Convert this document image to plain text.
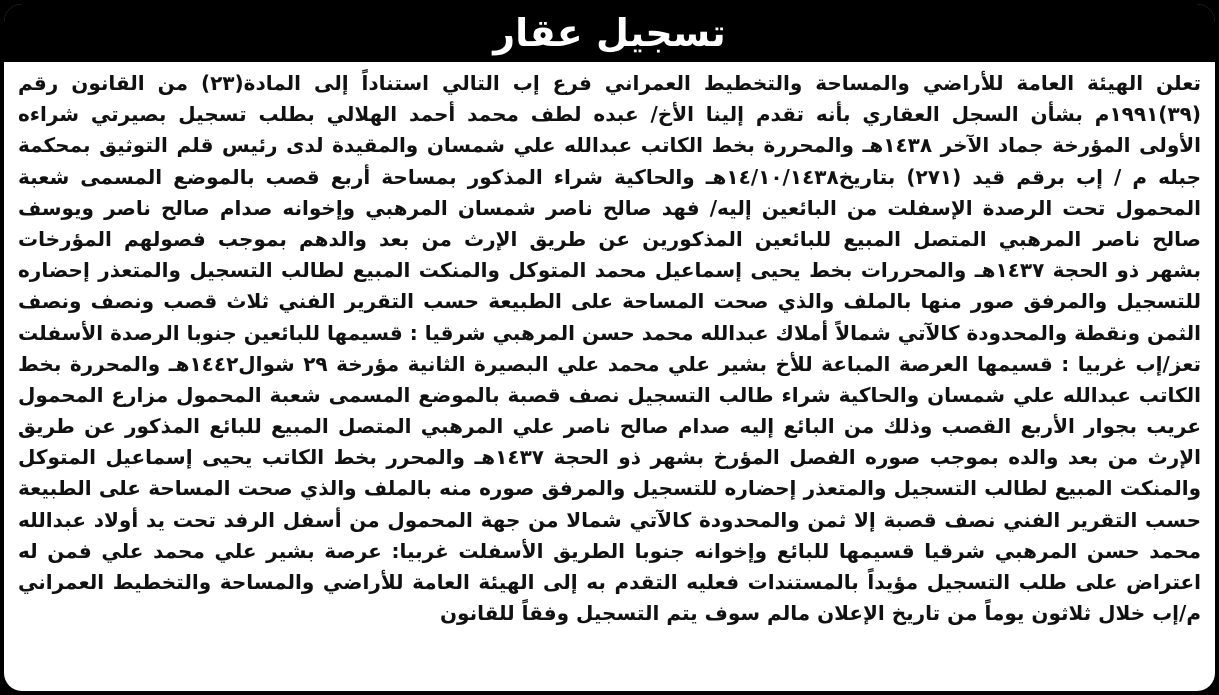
تسجيل عقار
تعلن الهيئة العامة للأراضي والمساحة والتخطيط العمراني فرع إب التالي استناداً إلى المادة(٢٣) من القانون رقم
(٣٩)١٩٩١م بشأن السجل العقاري بأنه تقدم إلينا الأخ/ عبده لطف محمد أحمد الهلالي بطلب تسجيل بصيرتي شراءه
الأولى المؤرخة جماد الآخر ١٤٣٨هـ والمحررة بخط الكاتب عبدالله علي شمسان والمقيدة لدى رئيس قلم التوثيق بمحكمة
جبله م / إب برقم قيد (٢٧١) بتاريخ١٤/١٠/١٤٣٨هـ والحاكية شراء المذكور بمساحة أربع قصب بالموضع المسمى شعبة
المحمول تحت الرصدة الإسفلت من البائعين إليه/ فهد صالح ناصر شمسان المرهبي وإخوانه صدام صالح ناصر ويوسف
صالح ناصر المرهبي المتصل المبيع للبائعين المذكورين عن طريق الإرث من بعد والدهم بموجب فصولهم المؤرخات
بشهر ذو الحجة ١٤٣٧هـ والمحررات بخط يحيى إسماعيل محمد المتوكل والمنكت المبيع لطالب التسجيل والمتعذر إحضاره
للتسجيل والمرفق صور منها بالملف والذي صحت المساحة على الطبيعة حسب التقرير الفني ثلاث قصب ونصف ونصف
الثمن ونقطة والمحدودة كالآتي شمالاً أملاك عبدالله محمد حسن المرهبي شرقيا : قسيمها للبائعين جنوبا الرصدة الأسفلت
تعز/إب غربيا : قسيمها العرصة المباعة للأخ بشير علي محمد علي البصيرة الثانية مؤرخة ٢٩ شوال١٤٤٢هـ والمحررة بخط
الكاتب عبدالله علي شمسان والحاكية شراء طالب التسجيل نصف قصبة بالموضع المسمى شعبة المحمول مزارع المحمول
عريب بجوار الأربع القصب وذلك من البائع إليه صدام صالح ناصر علي المرهبي المتصل المبيع للبائع المذكور عن طريق
الإرث من بعد والده بموجب صوره الفصل المؤرخ بشهر ذو الحجة ١٤٣٧هـ والمحرر بخط الكاتب يحيى إسماعيل المتوكل
والمنكت المبيع لطالب التسجيل والمتعذر إحضاره للتسجيل والمرفق صوره منه بالملف والذي صحت المساحة على الطبيعة
حسب التقرير الفني نصف قصبة إلا ثمن والمحدودة كالآتي شمالا من جهة المحمول من أسفل الرفد تحت يد أولاد عبدالله
محمد حسن المرهبي شرقيا قسيمها للبائع وإخوانه جنوبا الطريق الأسفلت غربيا: عرصة بشير علي محمد علي فمن له
اعتراض على طلب التسجيل مؤيداً بالمستندات فعليه التقدم به إلى الهيئة العامة للأراضي والمساحة والتخطيط العمراني
م/إب خلال ثلاثون يوماً من تاريخ الإعلان مالم سوف يتم التسجيل وفقاً للقانون
